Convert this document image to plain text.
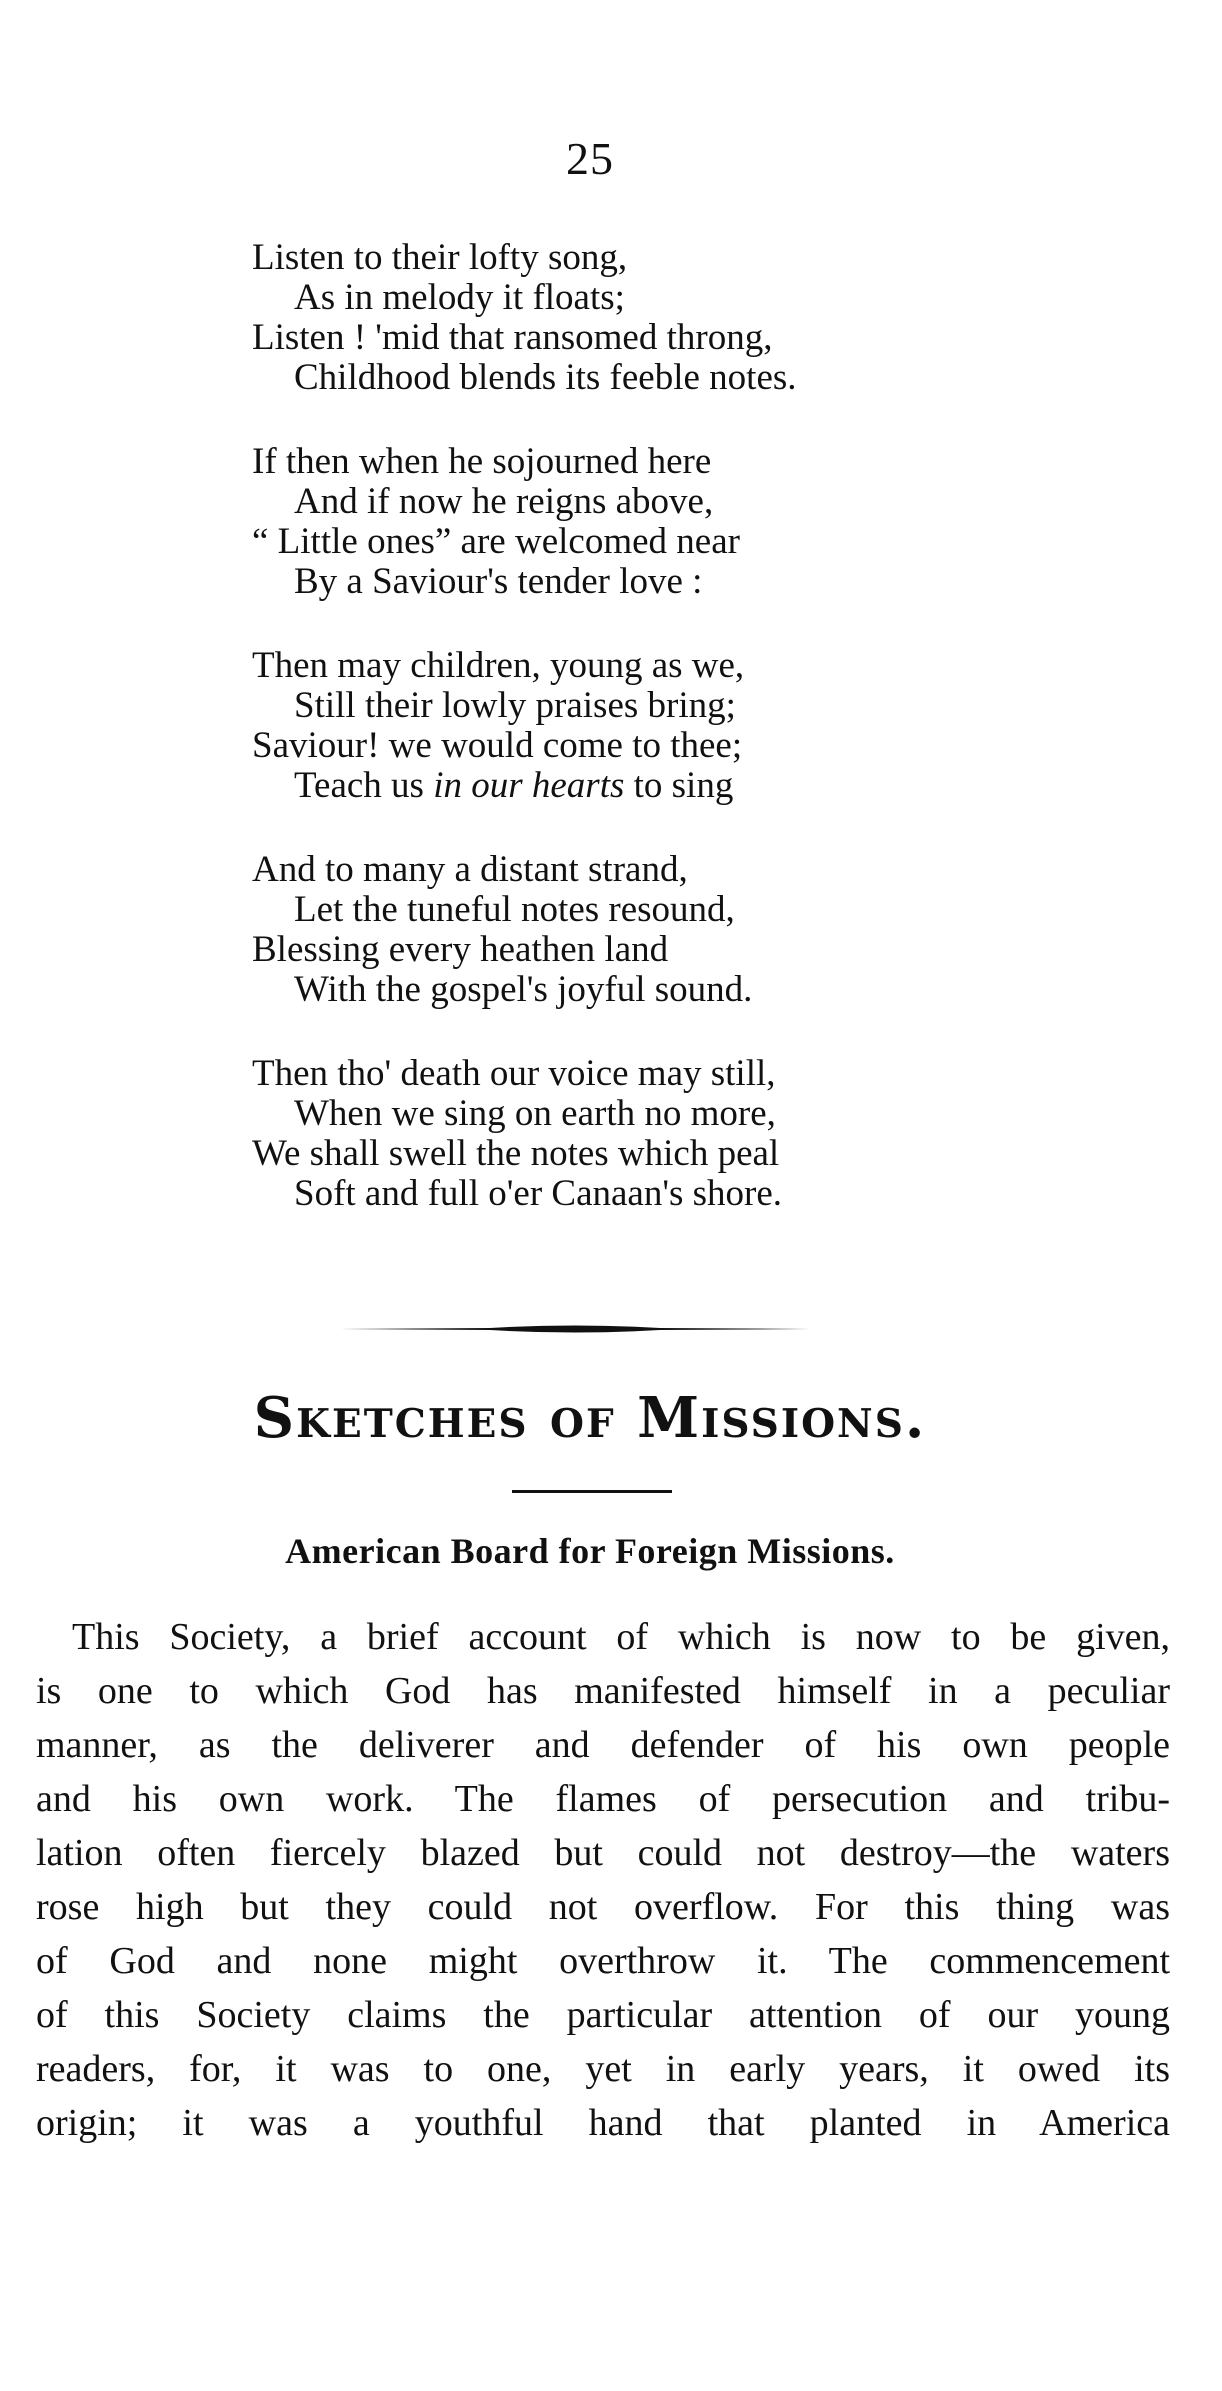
25
Listen to their lofty song,
As in melody it floats;
Listen ! 'mid that ransomed throng,
Childhood blends its feeble notes.
If then when he sojourned here
And if now he reigns above,
“ Little ones” are welcomed near
By a Saviour's tender love :
Then may children, young as we,
Still their lowly praises bring;
Saviour! we would come to thee;
Teach us in our hearts to sing
And to many a distant strand,
Let the tuneful notes resound,
Blessing every heathen land
With the gospel's joyful sound.
Then tho' death our voice may still,
When we sing on earth no more,
We shall swell the notes which peal
Soft and full o'er Canaan's shore.
Sketches of Missions.
American Board for Foreign Missions.
This Society, a brief account of which is now to be given,
is one to which God has manifested himself in a peculiar
manner, as the deliverer and defender of his own people
and his own work. The flames of persecution and tribu-
lation often fiercely blazed but could not destroy—the waters
rose high but they could not overflow. For this thing was
of God and none might overthrow it. The commencement
of this Society claims the particular attention of our young
readers, for, it was to one, yet in early years, it owed its
origin; it was a youthful hand that planted in America
